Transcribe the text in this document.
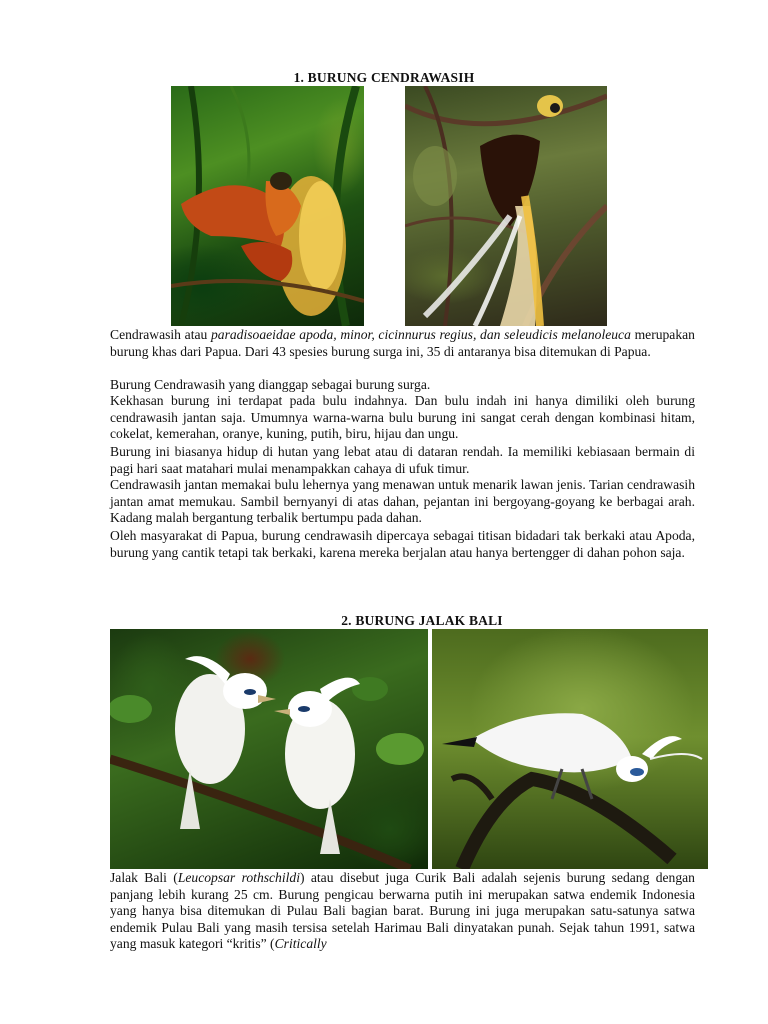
1. BURUNG CENDRAWASIH

Cendrawasih atau paradisoaeidae apoda, minor, cicinnurus regius, dan seleudicis melanoleuca merupakan burung khas dari Papua. Dari 43 spesies burung surga ini, 35 di antaranya bisa ditemukan di Papua.

Burung Cendrawasih yang dianggap sebagai burung surga.

Kekhasan burung ini terdapat pada bulu indahnya. Dan bulu indah ini hanya dimiliki oleh burung cendrawasih jantan saja. Umumnya warna-warna bulu burung ini sangat cerah dengan kombinasi hitam, cokelat, kemerahan, oranye, kuning, putih, biru, hijau dan ungu.

Burung ini biasanya hidup di hutan yang lebat atau di dataran rendah. Ia memiliki kebiasaan bermain di pagi hari saat matahari mulai menampakkan cahaya di ufuk timur.

Cendrawasih jantan memakai bulu lehernya yang menawan untuk menarik lawan jenis. Tarian cendrawasih jantan amat memukau. Sambil bernyanyi di atas dahan, pejantan ini bergoyang-goyang ke berbagai arah. Kadang malah bergantung terbalik bertumpu pada dahan.

Oleh masyarakat di Papua, burung cendrawasih dipercaya sebagai titisan bidadari tak berkaki atau Apoda, burung yang cantik tetapi tak berkaki, karena mereka berjalan atau hanya bertengger di dahan pohon saja.

2. BURUNG JALAK BALI

Jalak Bali (Leucopsar rothschildi) atau disebut juga Curik Bali adalah sejenis burung sedang dengan panjang lebih kurang 25 cm. Burung pengicau berwarna putih ini merupakan satwa endemik Indonesia yang hanya bisa ditemukan di Pulau Bali bagian barat. Burung ini juga merupakan satu-satunya satwa endemik Pulau Bali yang masih tersisa setelah Harimau Bali dinyatakan punah. Sejak tahun 1991, satwa yang masuk kategori “kritis” (Critically
